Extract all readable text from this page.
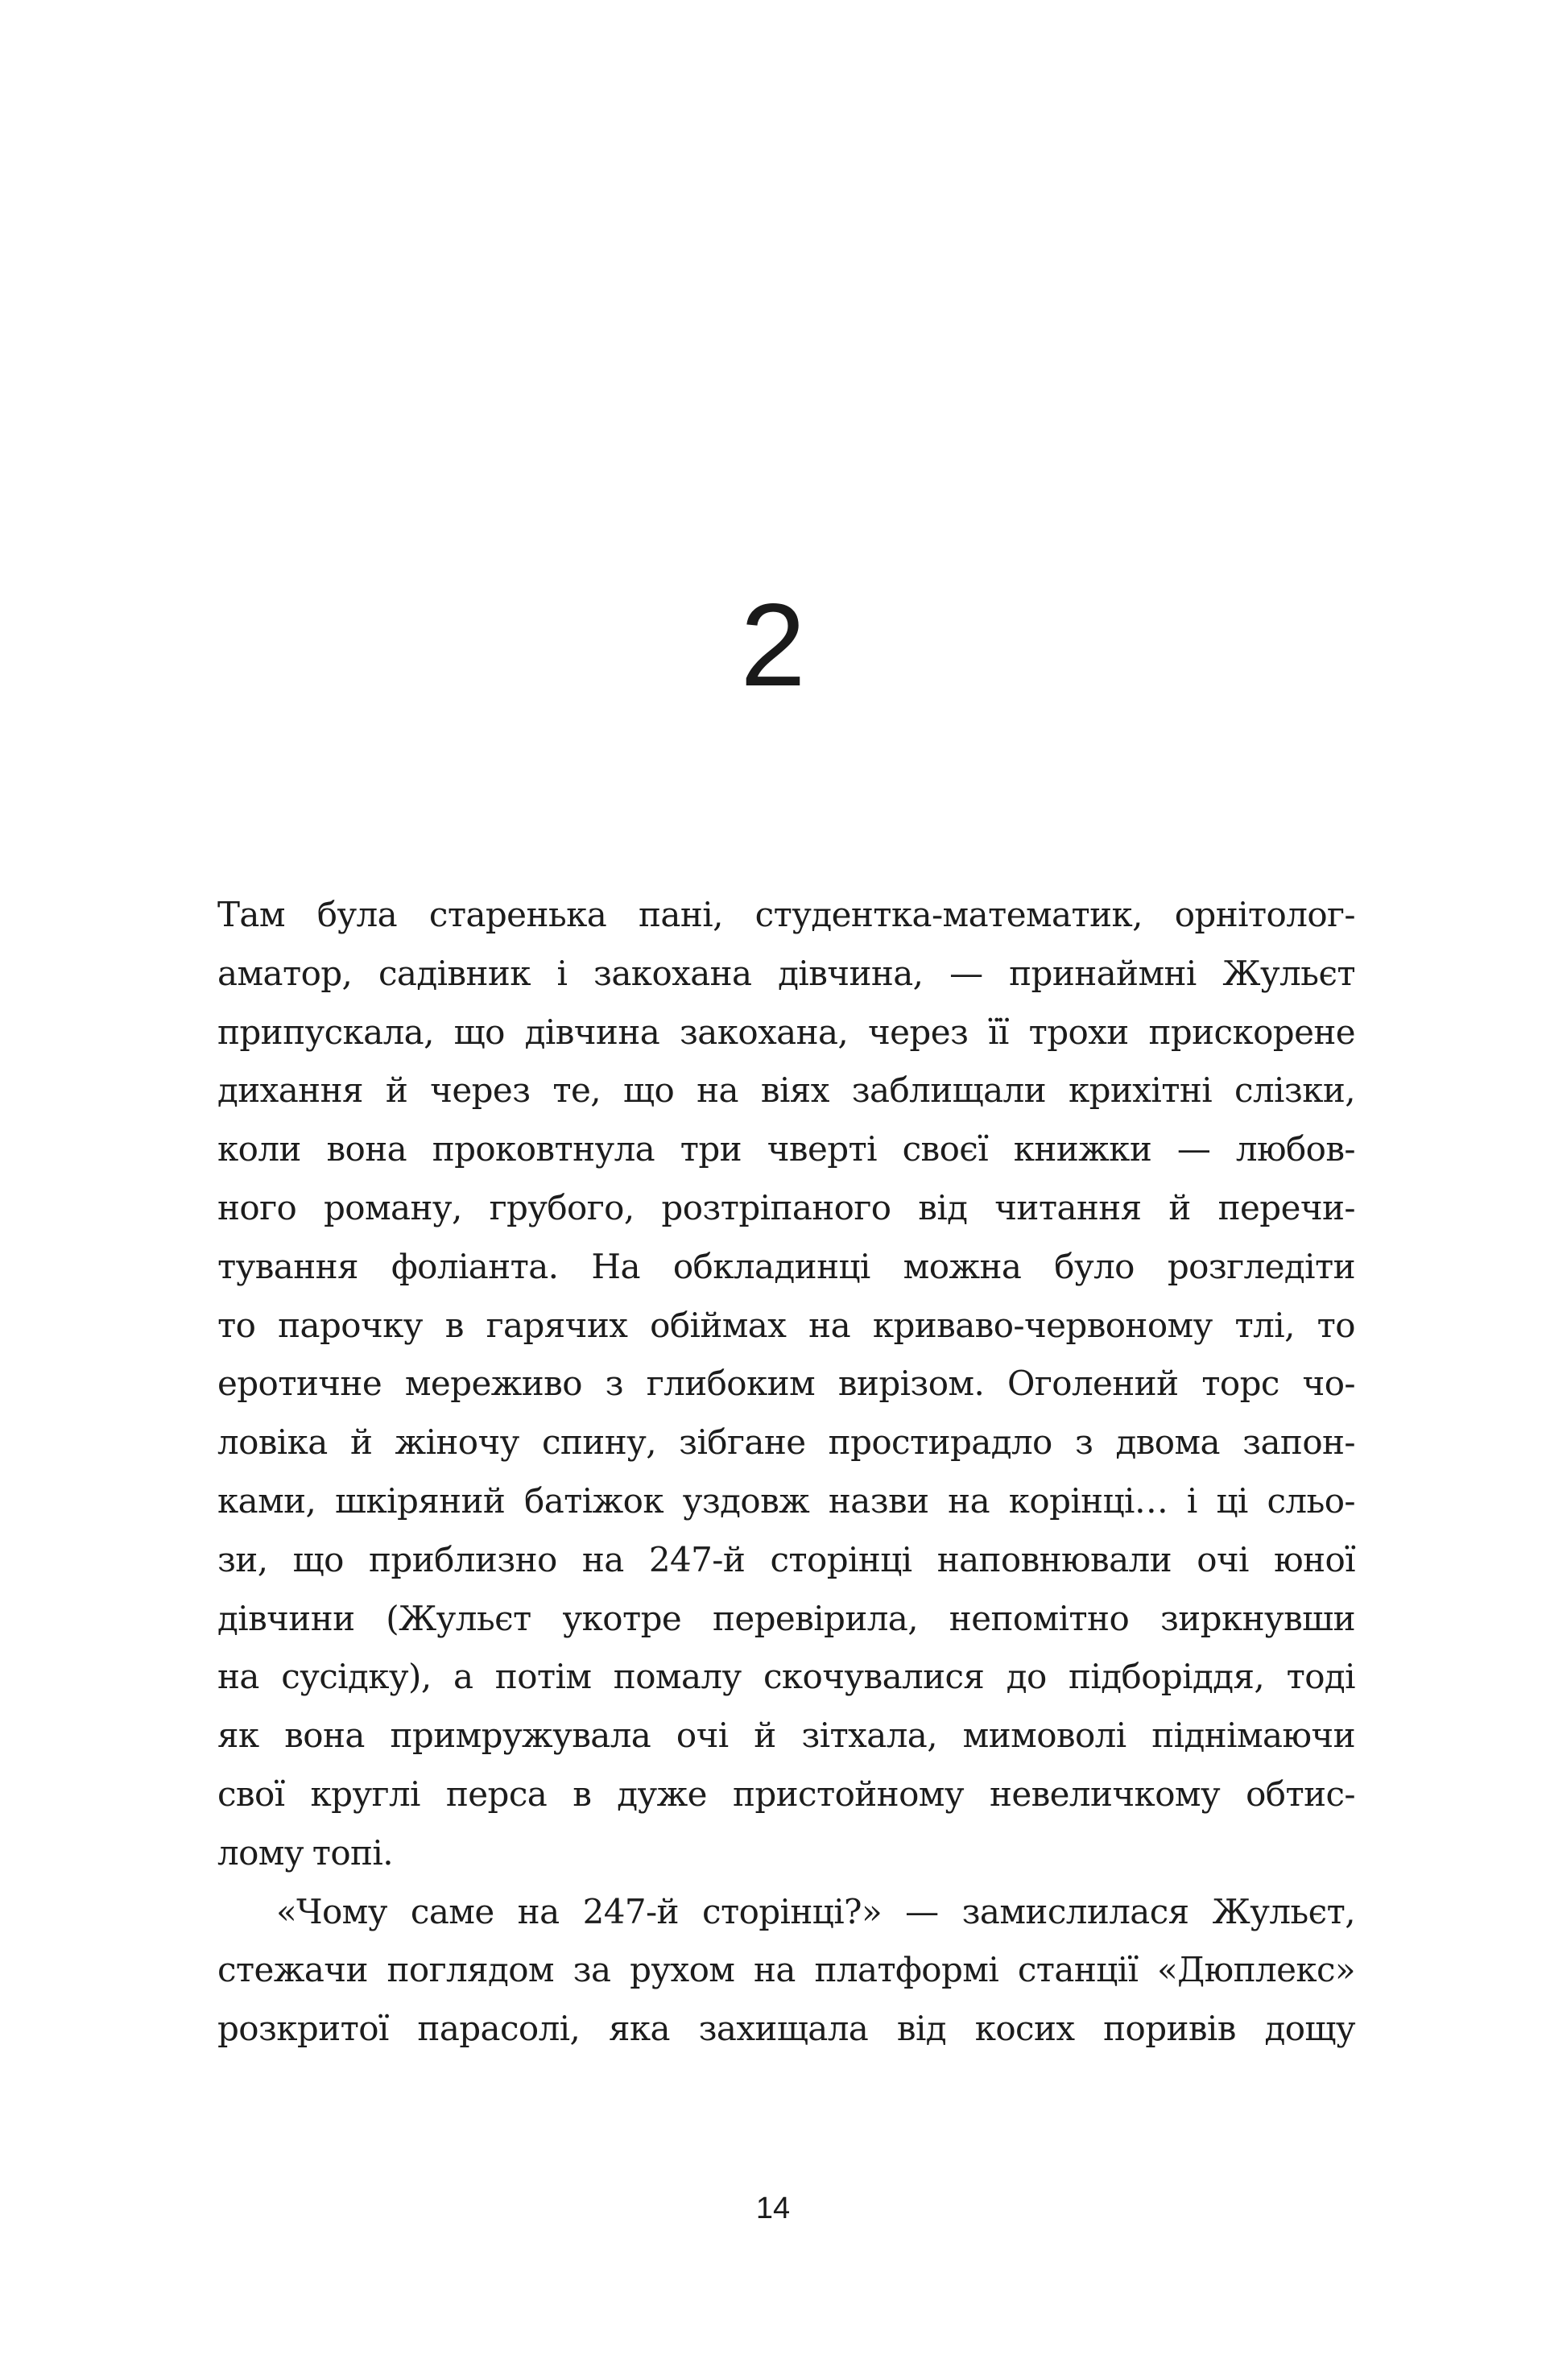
2
Там була старенька пані, студентка-математик, орнітолог-
аматор, садівник і закохана дівчина, — принаймні Жульєт
припускала, що дівчина закохана, через її трохи прискорене
дихання й через те, що на віях заблищали крихітні слізки,
коли вона проковтнула три чверті своєї книжки — любов-
ного роману, грубого, розтріпаного від читання й перечи-
тування фоліанта. На обкладинці можна було розгледіти
то парочку в гарячих обіймах на криваво-червоному тлі, то
еротичне мереживо з глибоким вирізом. Оголений торс чо-
ловіка й жіночу спину, зібгане простирадло з двома запон-
ками, шкіряний батіжок уздовж назви на корінці… і ці сльо-
зи, що приблизно на 247-й сторінці наповнювали очі юної
дівчини (Жульєт укотре перевірила, непомітно зиркнувши
на сусідку), а потім помалу скочувалися до підборіддя, тоді
як вона примружувала очі й зітхала, мимоволі піднімаючи
свої круглі перса в дуже пристойному невеличкому обтис-
лому топі.
«Чому саме на 247-й сторінці?» — замислилася Жульєт,
стежачи поглядом за рухом на платформі станції «Дюплекс»
розкритої парасолі, яка захищала від косих поривів дощу
14
